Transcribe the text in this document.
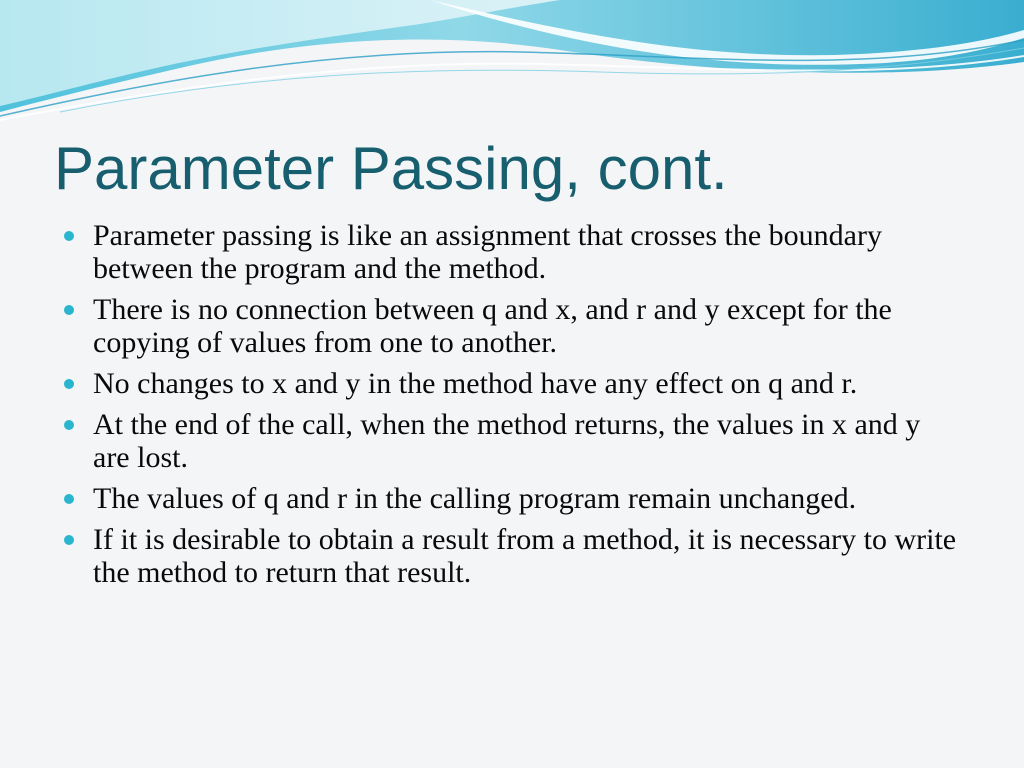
Parameter Passing, cont.
Parameter passing is like an assignment that crosses the boundary between the program and the method.
There is no connection between q and x, and r and y except for the copying of values from one to another.
No changes to x and y in the method have any effect on q and r.
At the end of the call, when the method returns, the values in x and y are lost.
The values of q and r in the calling program remain unchanged.
If it is desirable to obtain a result from a method, it is necessary to write the method to return that result.
